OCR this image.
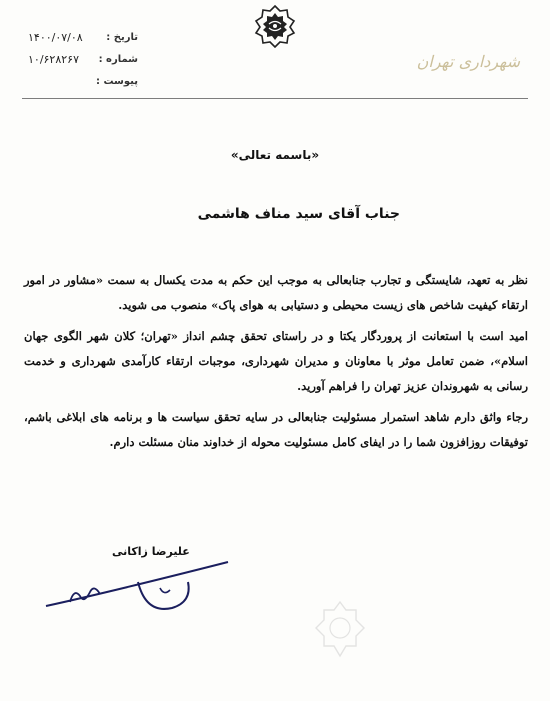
تاریخ :
۱۴۰۰/۰۷/۰۸
شماره :
۱۰/۶۲۸۲۶۷
پیوست :
شهرداری تهران
«باسمه تعالی»
جناب آقای سید مناف هاشمی

نظر به تعهد، شایستگی و تجارب جنابعالی به موجب این حکم به مدت یکسال به سمت «مشاور در امور ارتقاء کیفیت شاخص های زیست محیطی و دستیابی به هوای پاک» منصوب می شوید.

امید است با استعانت از پروردگار یکتا و در راستای تحقق چشم انداز «تهران؛ کلان شهر الگوی جهان اسلام»، ضمن تعامل موثر با معاونان و مدیران شهرداری، موجبات ارتقاء کارآمدی شهرداری و خدمت رسانی به شهروندان عزیز تهران را فراهم آورید.

رجاء واثق دارم شاهد استمرار مسئولیت جنابعالی در سایه تحقق سیاست ها و برنامه های ابلاغی باشم، توفیقات روزافزون شما را در ایفای کامل مسئولیت محوله از خداوند منان مسئلت دارم.

علیرضا زاکانی
